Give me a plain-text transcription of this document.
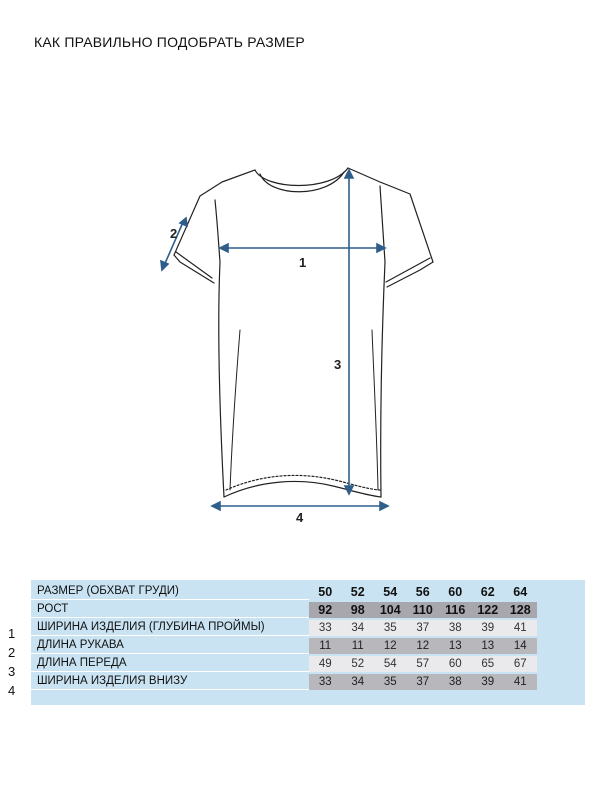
КАК ПРАВИЛЬНО ПОДОБРАТЬ РАЗМЕР
1
2
3
4
1
2
3
4
РАЗМЕР (ОБХВАТ ГРУДИ)	50	52	54	56	60	62	64
РОСТ	92	98	104	110	116	122	128
ШИРИНА ИЗДЕЛИЯ (ГЛУБИНА ПРОЙМЫ)	33	34	35	37	38	39	41
ДЛИНА РУКАВА	11	11	12	12	13	13	14
ДЛИНА ПЕРЕДА	49	52	54	57	60	65	67
ШИРИНА ИЗДЕЛИЯ ВНИЗУ	33	34	35	37	38	39	41
